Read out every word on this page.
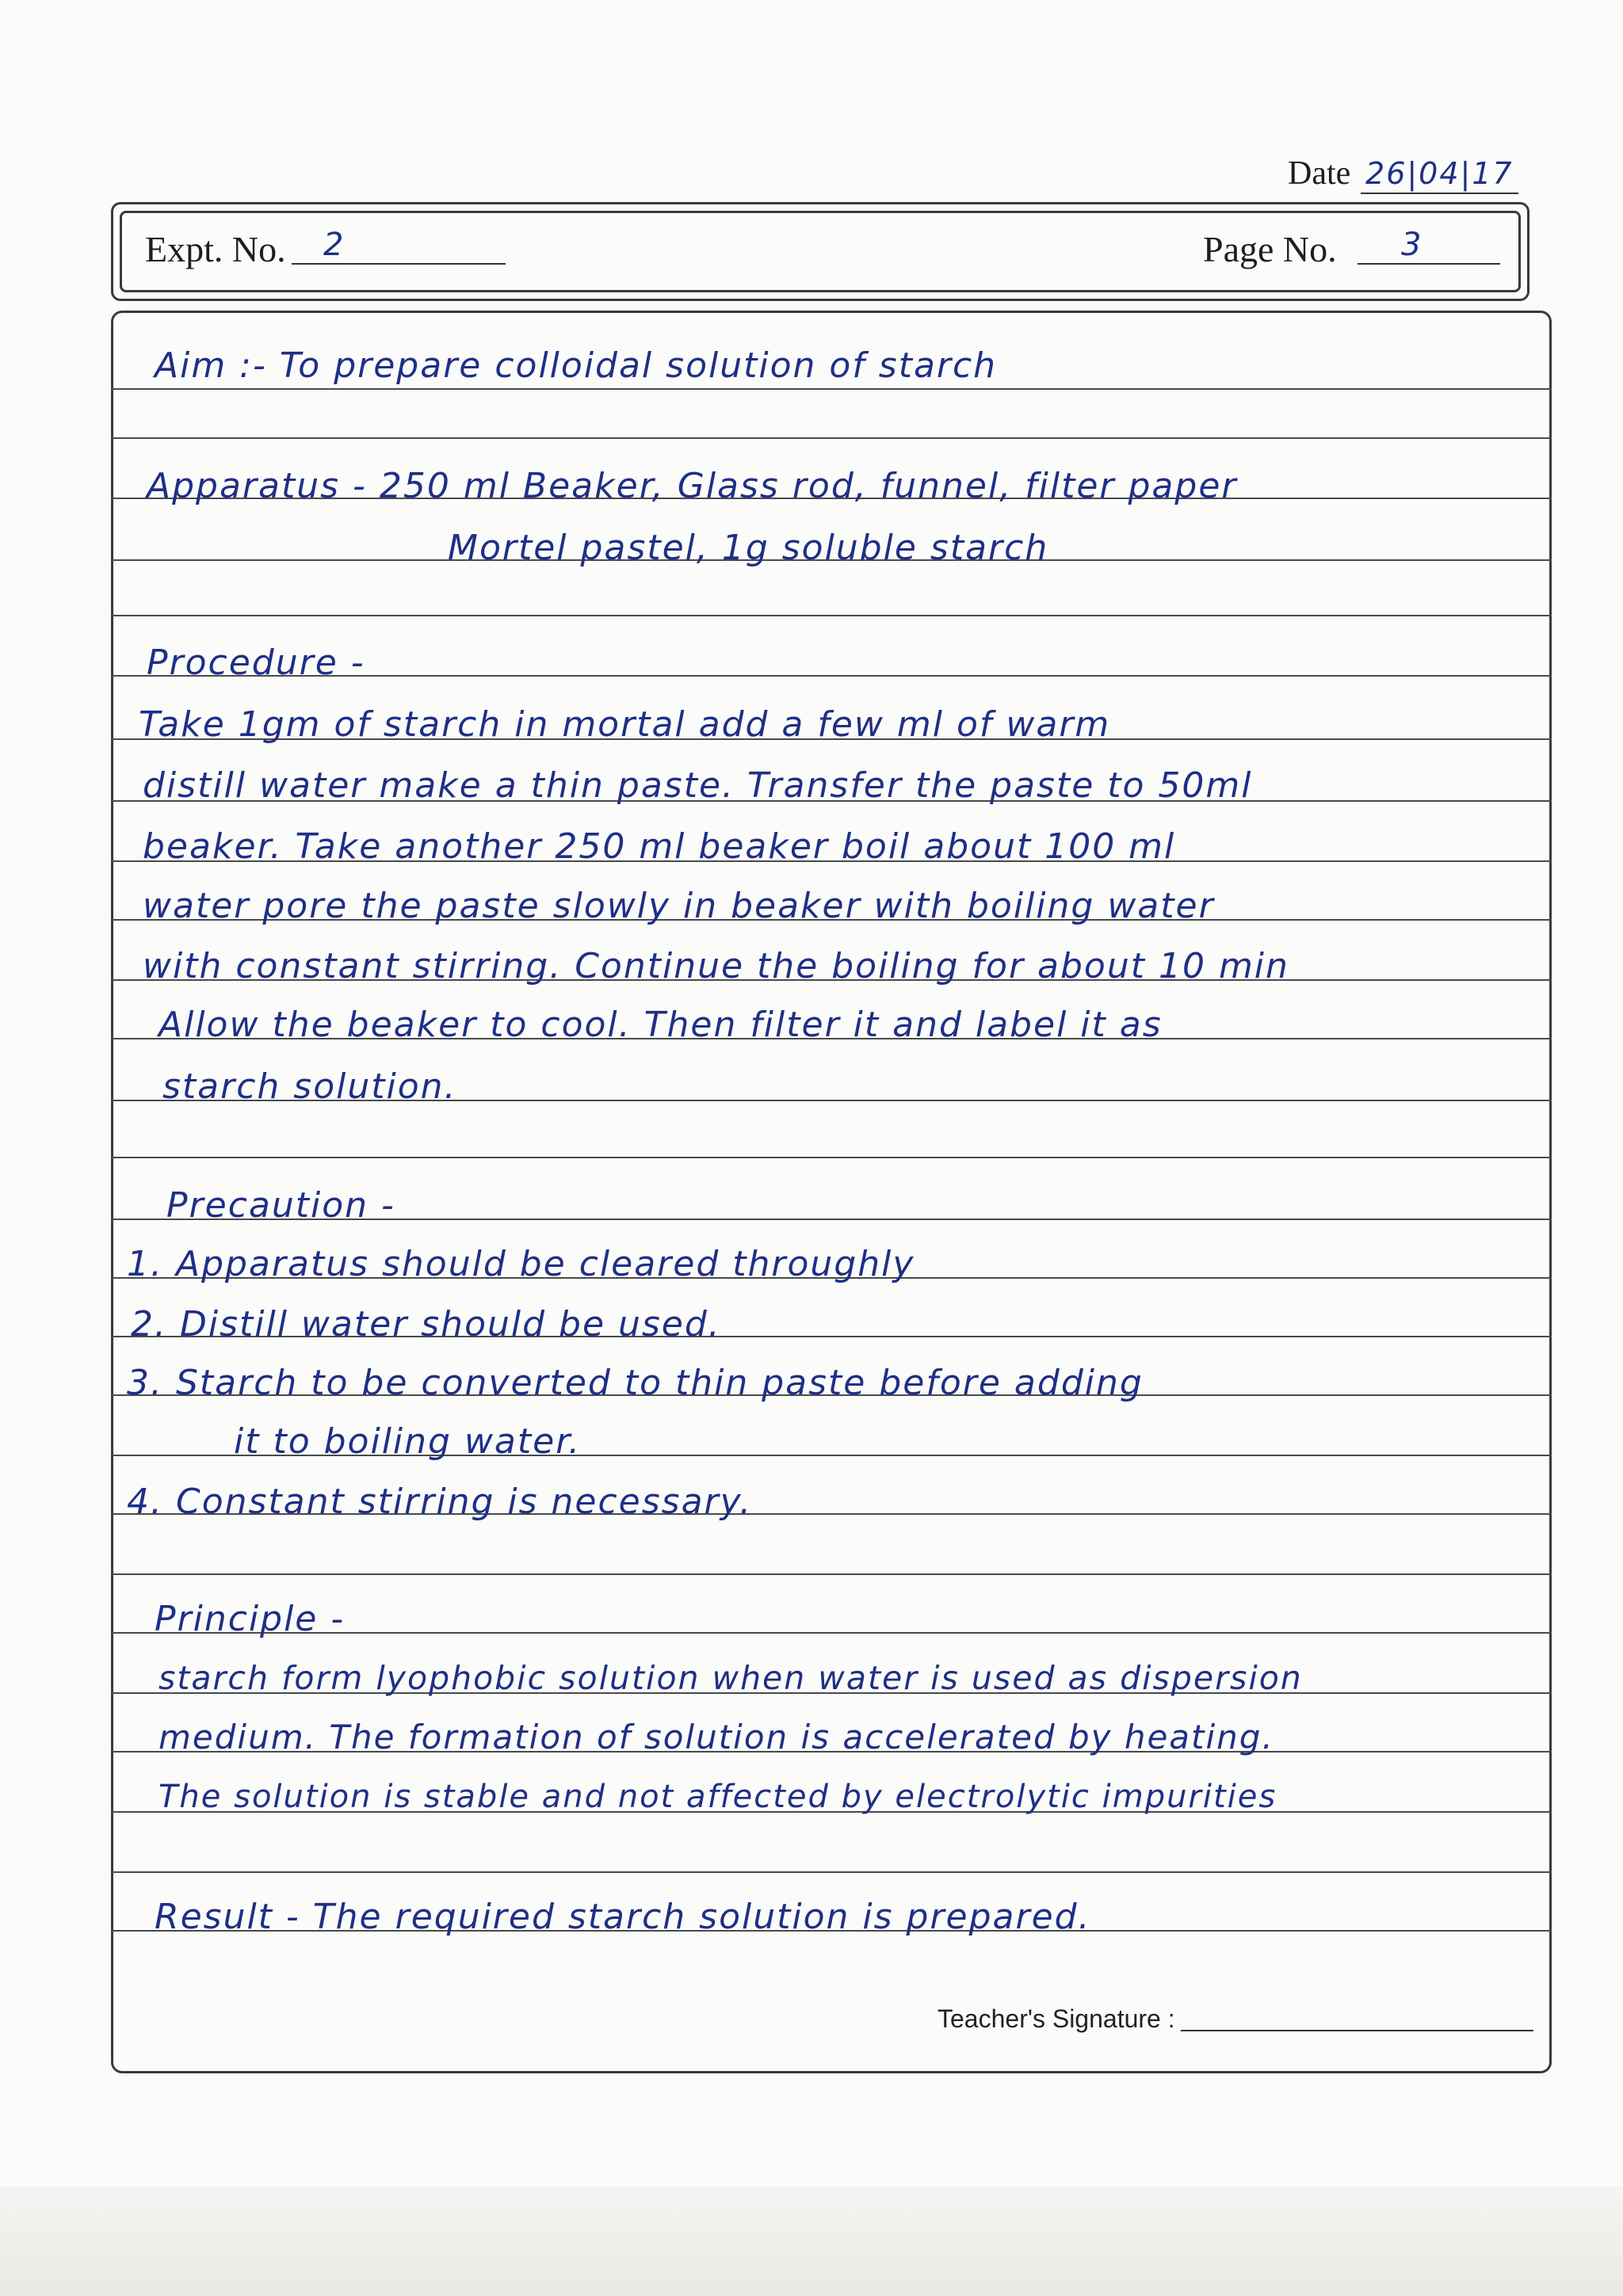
Date 26|04|17
Expt. No.	2	Page No.	3
Aim :- To prepare colloidal solution of starch
Apparatus - 250 ml Beaker, Glass rod, funnel, filter paper
Mortel pastel, 1g soluble starch
Procedure -
Take 1gm of starch in mortal add a few ml of warm
distill water make a thin paste. Transfer the paste to 50ml
beaker. Take another 250 ml beaker boil about 100 ml
water pore the paste slowly in beaker with boiling water
with constant stirring. Continue the boiling for about 10 min
Allow the beaker to cool. Then filter it and label it as
starch solution.
Precaution -
1. Apparatus should be cleared throughly
2. Distill water should be used.
3. Starch to be converted to thin paste before adding
it to boiling water.
4. Constant stirring is necessary.
Principle -
starch form lyophobic solution when water is used as dispersion
medium. The formation of solution is accelerated by heating.
The solution is stable and not affected by electrolytic impurities
Result - The required starch solution is prepared.
Teacher's Signature :
